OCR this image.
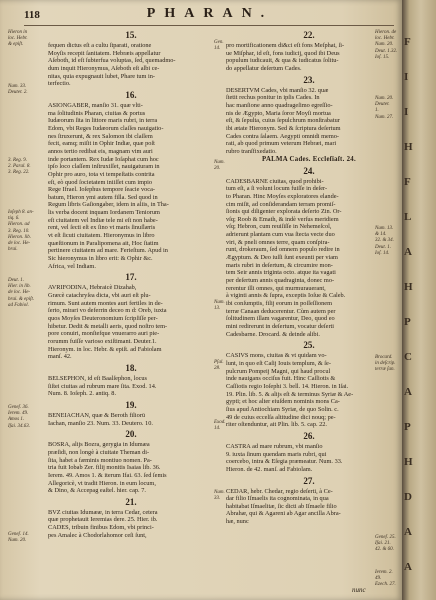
118	PHARAN.
15.
fequen dictus eſt a cultu ſtparati, oratione
Moyſis recepit ſanitatem. Hebræis appellatur
Aſeboth, id eſt ſubterfua voluptas, ſed, quemadmo-
dum inquit Hieronymus, Aſeboth eſt albi ce-
nitas, quia expugnauit lubet, Phare tum in-
terfectio.
16.
ASIONGABER, manſio 31. quæ vlti-
ma ſolitudinis Pharan, ciuitas & portus
Iudæorum ſita in littore maris rubri, in terra
Edom, vbi Reges Iudæorum claſſes nauigatio-
nes ſtruxerunt, & rex Salomon ibi claſſem
fecit, eamq; miſit in Ophir Indiæ, quæ poſt
annos tertio redibat eis, magnam vim auri
inde portantem. Rex Iudæ Ioſaphat cum hoc
ipſo loco claſſem inſtruxiſſet, nauigaturam in
Ophir pro auro, tota vi tempeſtatis contrita
eſt, eò quod ſocietatem iniiſſet cum impio
Rege Ifrael. Ioſephus tempore ſeacie voca-
batum, Hieron ymi autem filla. Sed quod in
Regum libris Gaſiongaber, idem in aliis, in Tha-
lis verba docent inquam Iordanem Teniorum
eſt ciuitatem vel Indiæ tele mi eſt non habe-
rent, vel ſecti eſt ex ſino vt maris ſinuſlæris
vt eſt ſicuti ciuitatem. Hieronymus in libro
quæſtionum in Paralipomena ait, Hoc ſtatim
pertinere ciuitatem ad mare. Ferieſtum. Apud in
Sic hieronymus in libro erit: & Ophir &c.
Africa, vel Indiam.
17.
AVRIFODINA, Hebraicè Dizahab,
Græcè catachryſea dicta, vbi auri eſt plu-
rimum. Sunt autem montes auri fertiles in de-
ſerto, mirari vo deferrin deceo m d: Oreb, iuxta
quos Moyſes Deuteronomium ſcripſiſſe per-
hibetur. Dedit & metalli aeris, quod noſtro tem-
pore conuiri, monſtefque vnuerarro auri pie-
rorumm fuiſſe varioso exiſtimant. Deuter.1.
Hieronym. in loc. Hebr. & epiſt. ad Fabiolam
manſ. 42.
18.
BELSEPHON, id eſt Baalſephon, locus
ſiſtei ciuitas ad rubrum mare ſita. Exod. 14.
Num. 8. Ioſeph. 2. antiq. 8.
19.
BENEIACHAN, quæ & Beroth filiorū
Iachan, manſio 23. Num. 33. Deutero. 10.
20.
BOSRA, alijs Bozra, gerygia in Idumæa
præſidi, non longè à ciuitate Theman di-
ſita, habet a fæminis montiuo nomen. Pa-
tria fuit Iobab Zer. filij monitis Isaias lib. 36.
Ierem. 49. Amos 1. & iterum Ifai. 63. ſed ſemis
Allegoricè, vt tradit Hieron. in eum locum,
& Dino, & Accepag eaſtel. hier. cap. 7.
21.
BVZ ciuitas Idumææ, in terra Cedar, cetera
quæ prophetauit Ieremias dere. 25. Hier. ib.
CADES, tribuin finibus Edom, vbi princi-
pes Amalec à Chodorlahomor ceſi ſunt,
22.
pro mortificationem di&ci eſt fons Meſphat, ſi-
ue Miſphar, id eſt, fons iudicij, quod ibi Deus
populum iudicauit, & qua & iudicatus ſolitu-
do appellatur deſertum Cades.
23.
DESERTVM Cades, vbi manſio 32. quæ
ſtetit rechus ponitur in ipſis Cades. In
hac manſione anno quadrageſimo egreſſio-
nis de Ægypto, Maria ſoror Moyſi mortua
eſt, & ſepulta, cuius ſepulchrum monſtrabatur
ibi ætate Hieronym. Sed & ſcriptura deſertum
Cades contra ſalaem. Aegypti omnidi memo-
rati, ab quod primum veterum Hebræi, mari
rubro tranſfixedatio.
PALMA Cades. Eccleſiaſt. 24.
24.
CADESBARNE ciuitas, quod prohibi-
tum eſt, a ſi volunt locum fuiſſe in deſer-
to Pharan. Hinc Moyſes exploratores elande-
cim miſit, ad conſiderandam terram promiſ-
ſionis qui diligenter explorata deſerto Zin. Or-
vſq; Roob & Emath, & indè verſus meridiem
vſq; Hebron, cum reuiſiſſe in Nehemeſcol,
adrierunt plantam cum vua ſtecta vecte duo
viri, & pneli omnes terre, quam conſpira-
runt, drokeraum, ſed omnem populo redire in
Ægyptum. & Deo iuſſi ſunt exeunti per viam
maris rubri in deſertum, & circumire mon-
tem Seir annis triginta octo. atque ita vagati
per deſertum annis quadraginta, donec mo-
rerentur illi omnes, qui murmurauerant,
à viginti annis & ſupra, exceptis Ioſue & Caleb.
ibi conſumptis, filij eorum in poſſeſſionem
terræ Canaan deducerentur. Cùm autem per
ſolitudinem illam vagarentur, Deo, quod eo
mini redirerunt in deſertum, vocatur deſerti
Cadesbarne. Drocard. & deinde alibi.
25.
CASIVS mons, ciuitas & vt quidam vo-
lunt, in quo eſt Caſij Iouis templum, & ſe-
pulcrum Pompeij Magni, qui haud procul
inde nauigans occiſus fuit. Hinc Caſſiotis &
Caſſiotis regio Ioſephi 3. bell. 14. Hieron. in Iſai.
19. Plin. lib. 5. & alijs eſt & terminus Syriæ & Ae-
gypti; et hoc alter eiuſdem nominis mons Ca-
ſius apud Antiochiam Syriæ, de quo Solin. c.
49 de cuius eccelſa altitudine dici nouq; pe-
riter oſtenduntur, ait Plin. lib. 5. cap. 22.
26.
CASTRA ad mare rubrum, vbi manſio
9. iuxta ſinum quendam maris rubri, qui
coercebo, intra & Eſegia præmeatur. Num. 33.
Hieron. de 42. manſ. ad Fabiolam.
27.
CEDAR, hebr. Chedar, regio deſerti, à Ce-
dar filio Iſmaelis ita cognominata, in qua
habitabat Iſmaelitæ, ſic dicti ab Iſmaele filio
Abrahæ, qui & Agareni ab Agar ancilla Abra-
hæ, nunc
Hieron in
loc. Hebr.
& epiſt.
Num. 33.
Deuter. 2.
3. Reg. 9.
2. Paral. 8.
3. Reg. 22.
Ioſeph 8. an-
tiq. 6.
Hieron. ad
3. Reg. 10.
Hieron. lib.
de loc. He-
brai.
Deut. 1.
Hier. in lib.
de loc. He-
brai. & epiſt.
ad Fabiol.
Geneſ. 36.
Ierem. 49.
Amos 1.
Iſai. 34.63.
Geneſ. 14.
Num. 20.
Gen.
14.
Num.
20.
Num.
13.
Pſal.
28.
Exod.
14.
Num.
33.
Hieron. de
loc. Hebr.
Num. 20.
Deut. 1.32.
Ioſ. 15.
Num. 20.
Deuter.
1.
Num. 27.
Num. 13.
& 14.
32. & 34.
Deut. 1.
Ioſ. 14.
Brocard.
in deſcrip.
terræ ſan.
Geneſ. 25.
Iſai. 21.
42. & 60.
Ierem. 2.
49.
Ezech. 27.
nunc
F
I
I
H
F
L
A
H
P
C
A
P
H
D
A
A
